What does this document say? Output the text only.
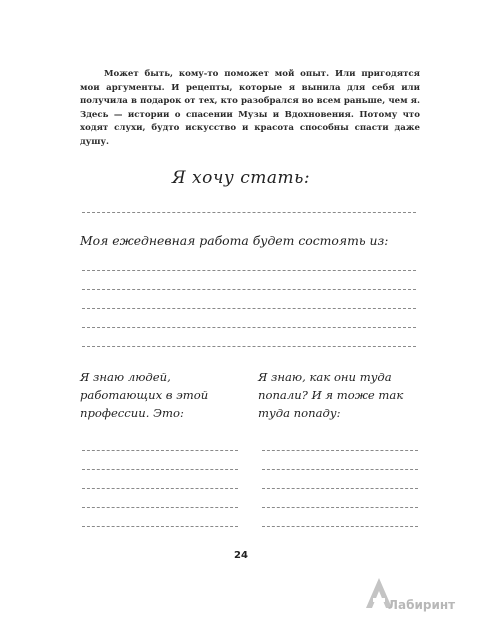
Может быть, кому-то поможет мой опыт. Или пригодятся мои аргументы. И рецепты, которые я вынила для себя или получила в подарок от тех, кто разобрался во всем раньше, чем я. Здесь — истории о спасении Музы и Вдохновения. Потому что ходят слухи, будто искусство и красота способны спасти даже душу.

Я хочу стать:

Моя ежедневная работа будет состоять из:

Я знаю людей, работающих в этой профессии. Это:

Я знаю, как они туда попали? И я тоже так туда попаду:

24

Лабиринт
